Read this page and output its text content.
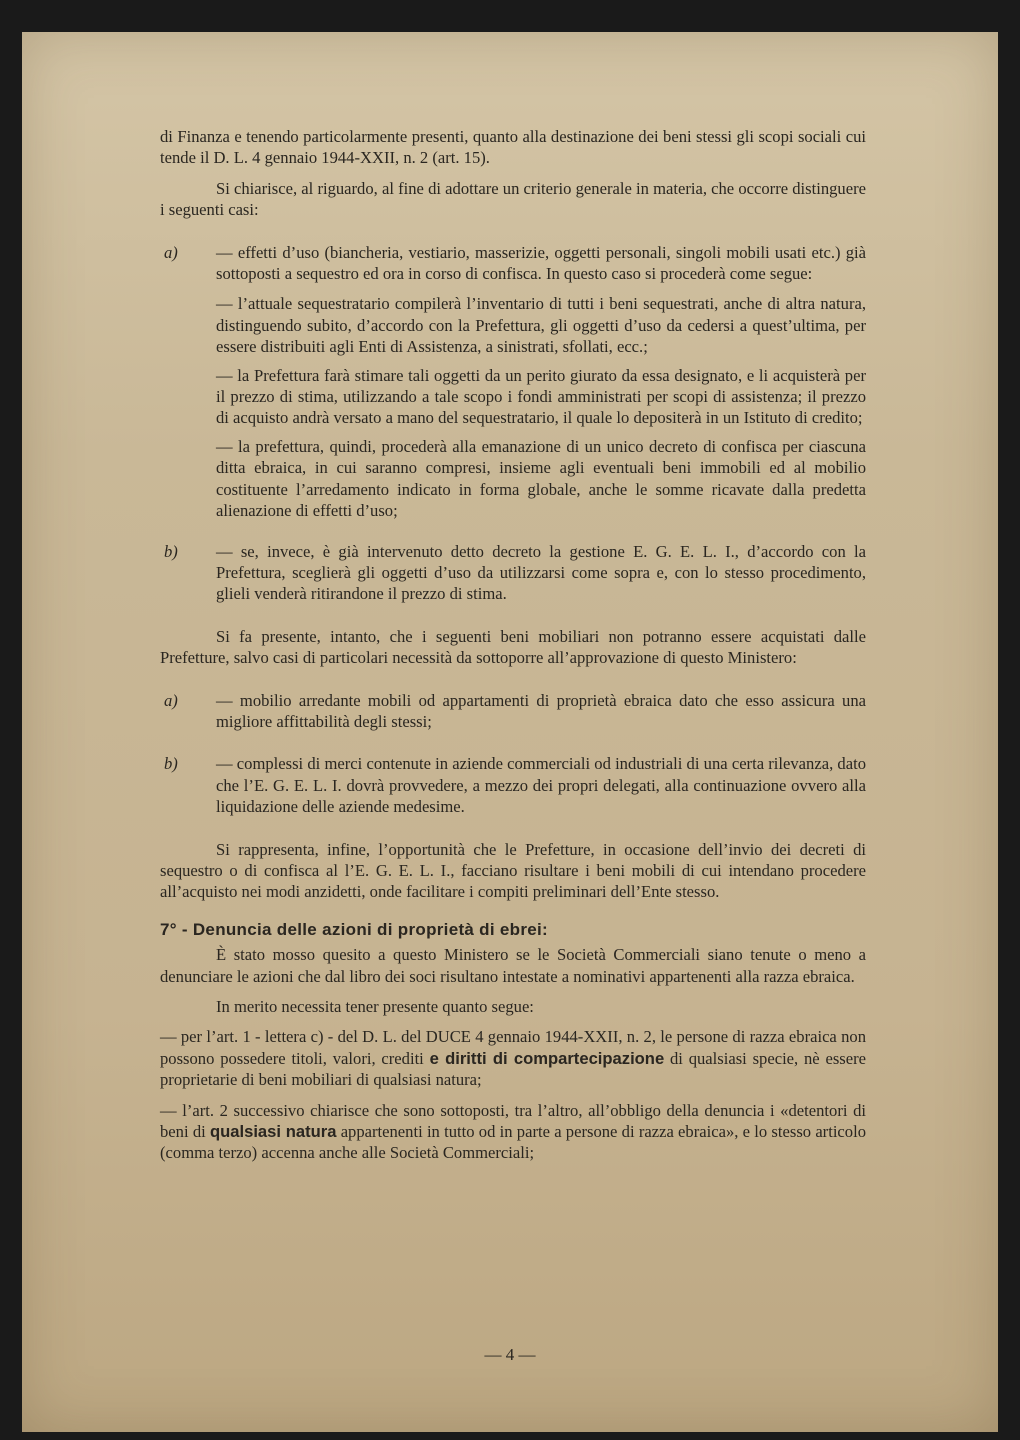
di Finanza e tenendo particolarmente presenti, quanto alla destinazione dei beni stessi gli scopi sociali cui tende il D. L. 4 gennaio 1944-XXII, n. 2 (art. 15).

Si chiarisce, al riguardo, al fine di adottare un criterio generale in materia, che occorre distinguere i seguenti casi:

a) — effetti d’uso (biancheria, vestiario, masserizie, oggetti personali, singoli mobili usati etc.) già sottoposti a sequestro ed ora in corso di confisca. In questo caso si procederà come segue:

— l’attuale sequestratario compilerà l’inventario di tutti i beni sequestrati, anche di altra natura, distinguendo subito, d’accordo con la Prefettura, gli oggetti d’uso da cedersi a quest’ultima, per essere distribuiti agli Enti di Assistenza, a sinistrati, sfollati, ecc.;

— la Prefettura farà stimare tali oggetti da un perito giurato da essa designato, e li acquisterà per il prezzo di stima, utilizzando a tale scopo i fondi amministrati per scopi di assistenza; il prezzo di acquisto andrà versato a mano del sequestratario, il quale lo depositerà in un Istituto di credito;

— la prefettura, quindi, procederà alla emanazione di un unico decreto di confisca per ciascuna ditta ebraica, in cui saranno compresi, insieme agli eventuali beni immobili ed al mobilio costituente l’arredamento indicato in forma globale, anche le somme ricavate dalla predetta alienazione di effetti d’uso;

b) — se, invece, è già intervenuto detto decreto la gestione E. G. E. L. I., d’accordo con la Prefettura, sceglierà gli oggetti d’uso da utilizzarsi come sopra e, con lo stesso procedimento, glieli venderà ritirandone il prezzo di stima.

Si fa presente, intanto, che i seguenti beni mobiliari non potranno essere acquistati dalle Prefetture, salvo casi di particolari necessità da sottoporre all’approvazione di questo Ministero:

a) — mobilio arredante mobili od appartamenti di proprietà ebraica dato che esso assicura una migliore affittabilità degli stessi;
b) — complessi di merci contenute in aziende commerciali od industriali di una certa rilevanza, dato che l’E. G. E. L. I. dovrà provvedere, a mezzo dei propri delegati, alla continuazione ovvero alla liquidazione delle aziende medesime.

Si rappresenta, infine, l’opportunità che le Prefetture, in occasione dell’invio dei decreti di sequestro o di confisca al l’E. G. E. L. I., facciano risultare i beni mobili di cui intendano procedere all’acquisto nei modi anzidetti, onde facilitare i compiti preliminari dell’Ente stesso.

7° - Denuncia delle azioni di proprietà di ebrei:

È stato mosso quesito a questo Ministero se le Società Commerciali siano tenute o meno a denunciare le azioni che dal libro dei soci risultano intestate a nominativi appartenenti alla razza ebraica.

In merito necessita tener presente quanto segue:

— per l’art. 1 - lettera c) - del D. L. del DUCE 4 gennaio 1944-XXII, n. 2, le persone di razza ebraica non possono possedere titoli, valori, crediti e diritti di compartecipazione di qualsiasi specie, nè essere proprietarie di beni mobiliari di qualsiasi natura;

— l’art. 2 successivo chiarisce che sono sottoposti, tra l’altro, all’obbligo della denuncia i «detentori di beni di qualsiasi natura appartenenti in tutto od in parte a persone di razza ebraica», e lo stesso articolo (comma terzo) accenna anche alle Società Commerciali;

— 4 —
